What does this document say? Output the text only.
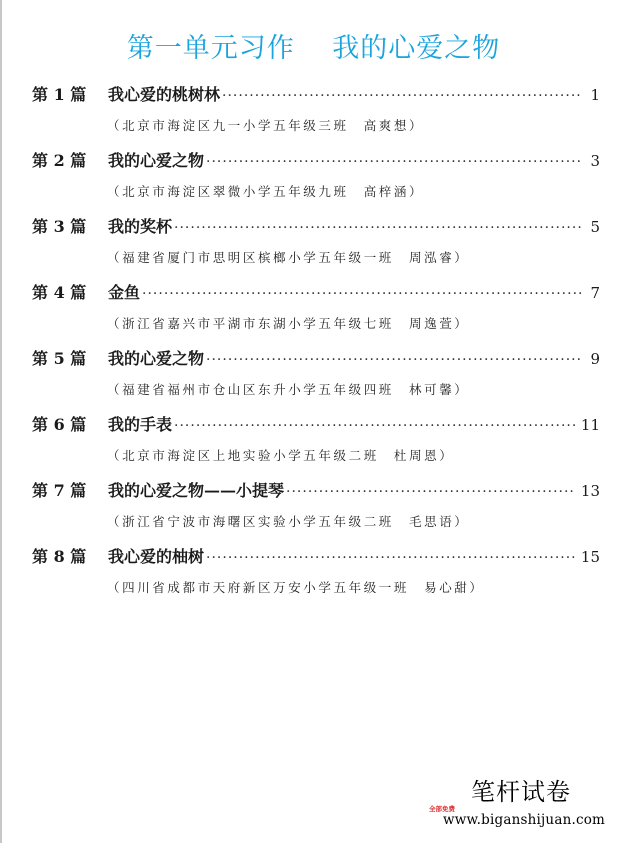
第一单元习作　 我的心爱之物
第 1 篇	我心爱的桃树林 ·····	1
（北京市海淀区九一小学五年级三班　高爽想）
第 2 篇	我的心爱之物 ·····	3
（北京市海淀区翠微小学五年级九班　高梓涵）
第 3 篇	我的奖杯 ·····	5
（福建省厦门市思明区槟榔小学五年级一班　周泓睿）
第 4 篇	金鱼 ·····	7
（浙江省嘉兴市平湖市东湖小学五年级七班　周逸萱）
第 5 篇	我的心爱之物 ·····	9
（福建省福州市仓山区东升小学五年级四班　林可馨）
第 6 篇	我的手表 ·····	11
（北京市海淀区上地实验小学五年级二班　杜周恩）
第 7 篇	我的心爱之物——小提琴 ·····	13
（浙江省宁波市海曙区实验小学五年级二班　毛思语）
第 8 篇	我心爱的柚树 ·····	15
（四川省成都市天府新区万安小学五年级一班　易心甜）
笔杆试卷
全部免费
www.biganshijuan.com
